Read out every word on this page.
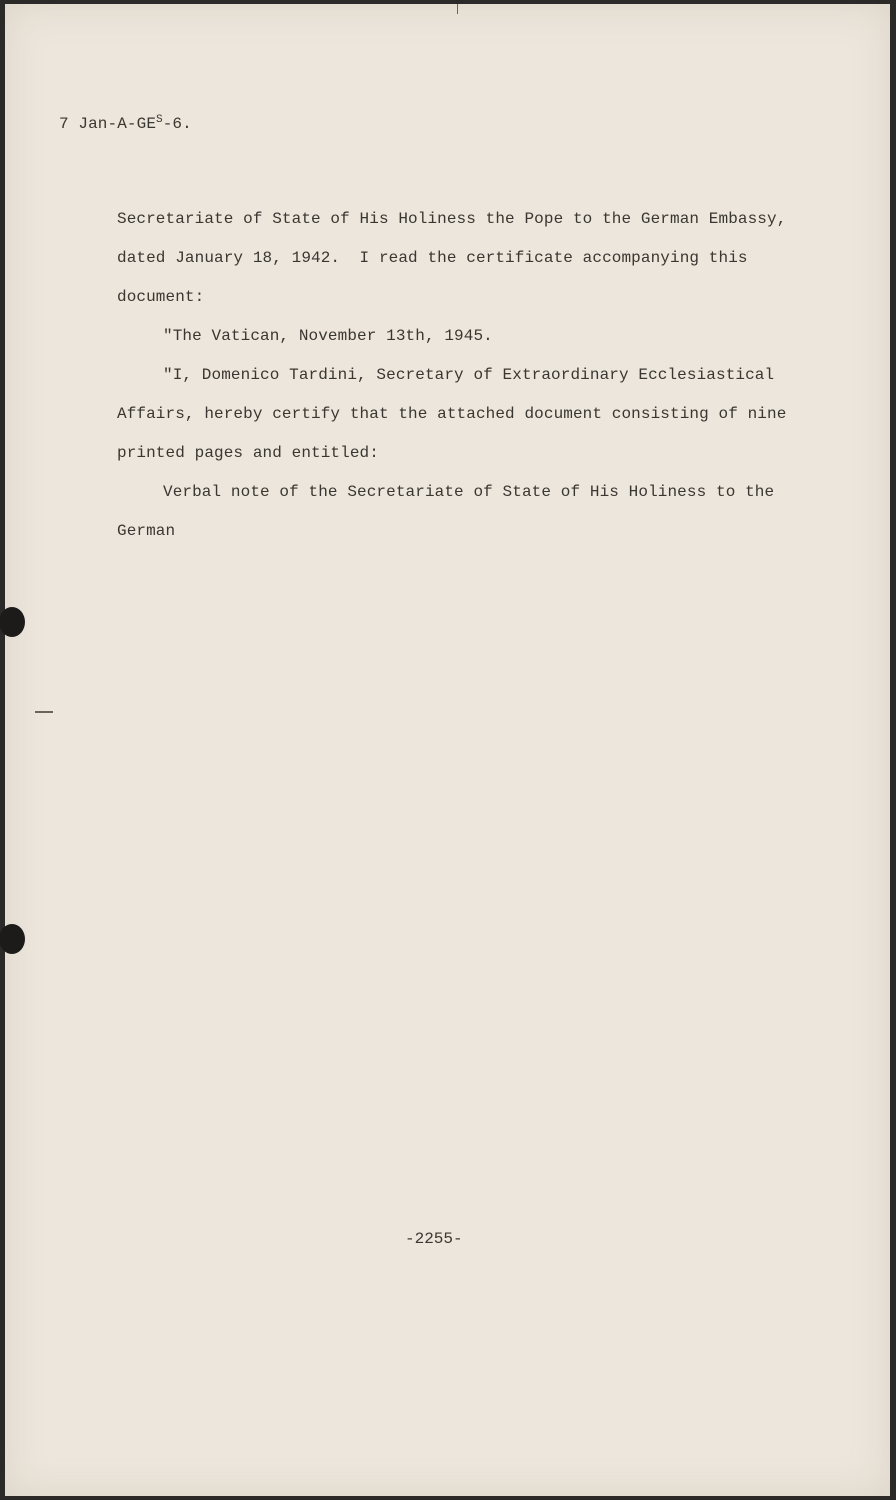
7 Jan-$A-GE^S-6$.
Secretariate of State of His Holiness the Pope to the German Embassy,
dated January 18, 1942.  I read the certificate accompanying this
document:
"The Vatican, November 13th, 1945.
"I, Domenico Tardini, Secretary of Extraordinary Ecclesiastical
Affairs, hereby certify that the attached document consisting of nine
printed pages and entitled:
Verbal note of the Secretariate of State of His Holiness to the
German
-2255-
